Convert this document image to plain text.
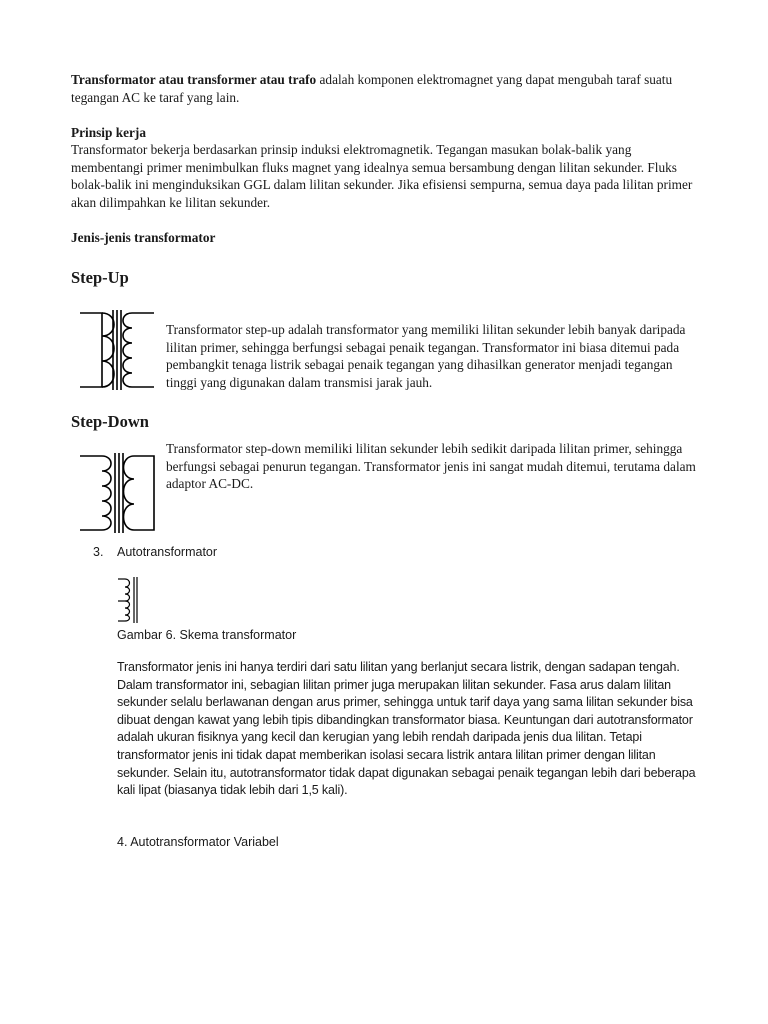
Transformator atau transformer atau trafo adalah komponen elektromagnet yang dapat mengubah taraf suatu tegangan AC ke taraf yang lain.

Prinsip kerja

Transformator bekerja berdasarkan prinsip induksi elektromagnetik. Tegangan masukan bolak-balik yang membentangi primer menimbulkan fluks magnet yang idealnya semua bersambung dengan lilitan sekunder. Fluks bolak-balik ini menginduksikan GGL dalam lilitan sekunder. Jika efisiensi sempurna, semua daya pada lilitan primer akan dilimpahkan ke lilitan sekunder.

Jenis-jenis transformator

Step-Up

Transformator step-up adalah transformator yang memiliki lilitan sekunder lebih banyak daripada lilitan primer, sehingga berfungsi sebagai penaik tegangan. Transformator ini biasa ditemui pada pembangkit tenaga listrik sebagai penaik tegangan yang dihasilkan generator menjadi tegangan tinggi yang digunakan dalam transmisi jarak jauh.

Step-Down

Transformator step-down memiliki lilitan sekunder lebih sedikit daripada lilitan primer, sehingga berfungsi sebagai penurun tegangan. Transformator jenis ini sangat mudah ditemui, terutama dalam adaptor AC-DC.

3. Autotransformator

Gambar 6. Skema transformator

Transformator jenis ini hanya terdiri dari satu lilitan yang berlanjut secara listrik, dengan sadapan tengah. Dalam transformator ini, sebagian lilitan primer juga merupakan lilitan sekunder. Fasa arus dalam lilitan sekunder selalu berlawanan dengan arus primer, sehingga untuk tarif daya yang sama lilitan sekunder bisa dibuat dengan kawat yang lebih tipis dibandingkan transformator biasa. Keuntungan dari autotransformator adalah ukuran fisiknya yang kecil dan kerugian yang lebih rendah daripada jenis dua lilitan. Tetapi transformator jenis ini tidak dapat memberikan isolasi secara listrik antara lilitan primer dengan lilitan sekunder. Selain itu, autotransformator tidak dapat digunakan sebagai penaik tegangan lebih dari beberapa kali lipat (biasanya tidak lebih dari 1,5 kali).

4. Autotransformator Variabel
